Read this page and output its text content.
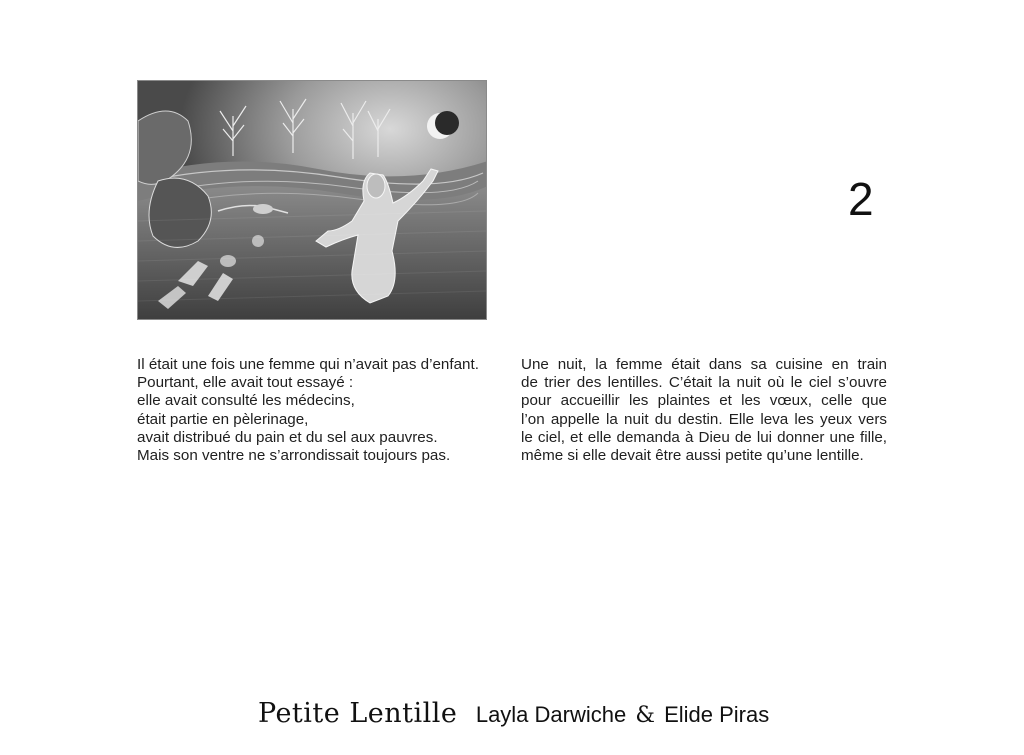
2
Il était une fois une femme qui n’avait pas d’enfant.
Pourtant, elle avait tout essayé :
elle avait consulté les médecins,
était partie en pèlerinage,
avait distribué du pain et du sel aux pauvres.
Mais son ventre ne s’arrondissait toujours pas.
Une nuit, la femme était dans sa cuisine en train
de trier des lentilles. C’était la nuit où le ciel s’ouvre
pour accueillir les plaintes et les vœux, celle que
l’on appelle la nuit du destin. Elle leva les yeux vers
le ciel, et elle demanda à Dieu de lui donner une fille,
même si elle devait être aussi petite qu’une lentille.
Petite Lentille Layla Darwiche & Elide Piras
